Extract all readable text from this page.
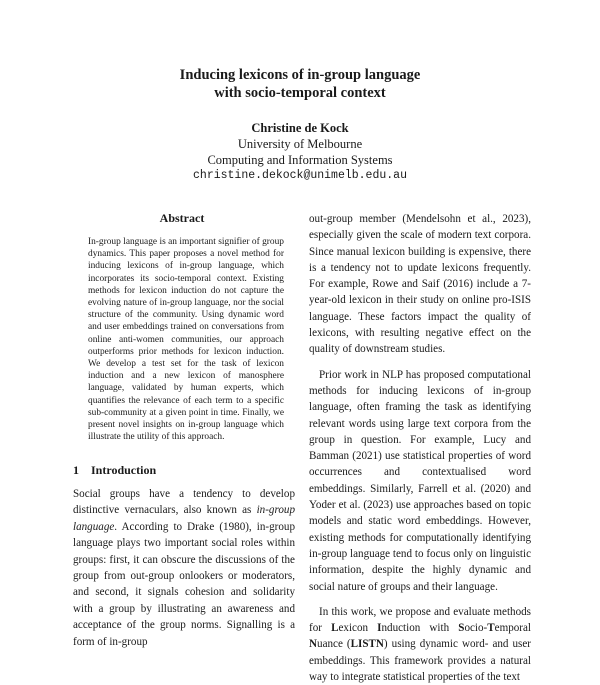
Inducing lexicons of in-group language
with socio-temporal context
Christine de Kock
University of Melbourne
Computing and Information Systems
christine.dekock@unimelb.edu.au
Abstract

In-group language is an important signifier of group dynamics. This paper proposes a novel method for inducing lexicons of in-group language, which incorporates its socio-temporal context. Existing methods for lexicon induction do not capture the evolving nature of in-group language, nor the social structure of the community. Using dynamic word and user embeddings trained on conversations from online anti-women communities, our approach outperforms prior methods for lexicon induction. We develop a test set for the task of lexicon induction and a new lexicon of manosphere language, validated by human experts, which quantifies the relevance of each term to a specific sub-community at a given point in time. Finally, we present novel insights on in-group language which illustrate the utility of this approach.

1 Introduction

Social groups have a tendency to develop distinctive vernaculars, also known as in-group language. According to Drake (1980), in-group language plays two important social roles within groups: first, it can obscure the discussions of the group from out-group onlookers or moderators, and second, it signals cohesion and solidarity with a group by illustrating an awareness and acceptance of the group norms. Signalling is a form of in-group

out-group member (Mendelsohn et al., 2023), especially given the scale of modern text corpora. Since manual lexicon building is expensive, there is a tendency not to update lexicons frequently. For example, Rowe and Saif (2016) include a 7-year-old lexicon in their study on online pro-ISIS language. These factors impact the quality of lexicons, with resulting negative effect on the quality of downstream studies.

Prior work in NLP has proposed computational methods for inducing lexicons of in-group language, often framing the task as identifying relevant words using large text corpora from the group in question. For example, Lucy and Bamman (2021) use statistical properties of word occurrences and contextualised word embeddings. Similarly, Farrell et al. (2020) and Yoder et al. (2023) use approaches based on topic models and static word embeddings. However, existing methods for computationally identifying in-group language tend to focus only on linguistic information, despite the highly dynamic and social nature of groups and their language.

In this work, we propose and evaluate methods for Lexicon Induction with Socio-Temporal Nuance (LISTN) using dynamic word- and user embeddings. This framework provides a natural way to integrate statistical properties of the text
